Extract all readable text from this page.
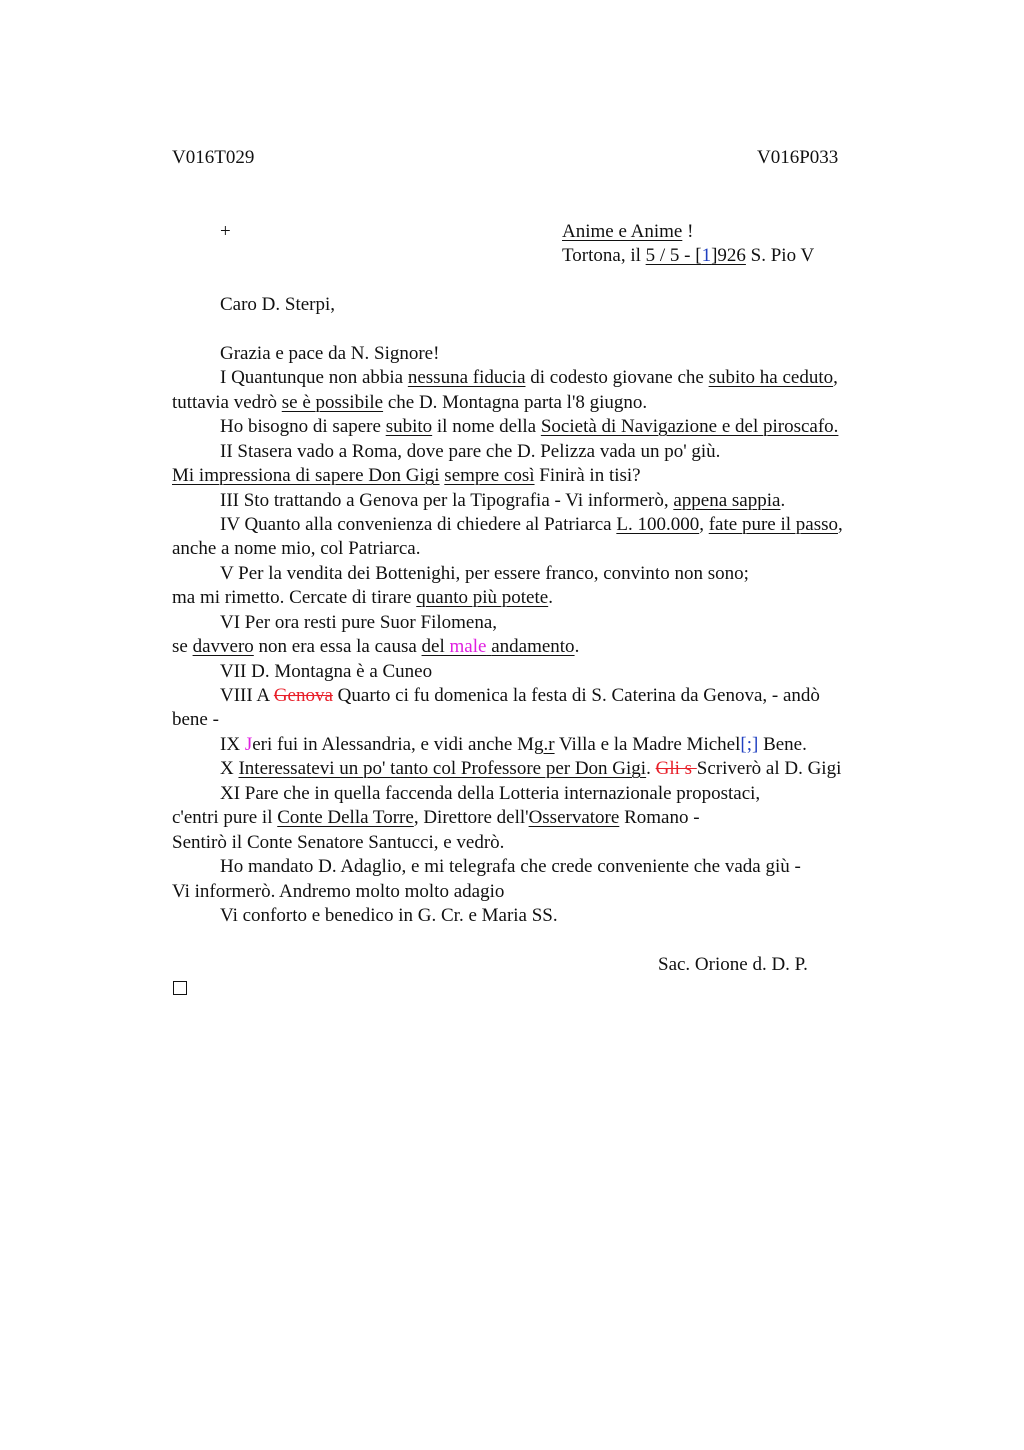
V016T029	V016P033
+	Anime e Anime !
Tortona, il 5 / 5 - [1]926 S. Pio V
Caro D. Sterpi,
Grazia e pace da N. Signore!
I Quantunque non abbia nessuna fiducia di codesto giovane che subito ha ceduto,
tuttavia vedrò se è possibile che D. Montagna parta l'8 giugno.
Ho bisogno di sapere subito il nome della Società di Navigazione e del piroscafo.
II Stasera vado a Roma, dove pare che D. Pelizza vada un po' giù.
Mi impressiona di sapere Don Gigi sempre così Finirà in tisi?
III Sto trattando a Genova per la Tipografia - Vi informerò, appena sappia.
IV Quanto alla convenienza di chiedere al Patriarca L. 100.000, fate pure il passo,
anche a nome mio, col Patriarca.
V Per la vendita dei Bottenighi, per essere franco, convinto non sono;
ma mi rimetto. Cercate di tirare quanto più potete.
VI Per ora resti pure Suor Filomena,
se davvero non era essa la causa del male andamento.
VII D. Montagna è a Cuneo
VIII A Genova Quarto ci fu domenica la festa di S. Caterina da Genova, - andò
bene -
IX Jeri fui in Alessandria, e vidi anche Mg.r Villa e la Madre Michel[;] Bene.
X Interessatevi un po' tanto col Professore per Don Gigi. Gli s Scriverò al D. Gigi
XI Pare che in quella faccenda della Lotteria internazionale propostaci,
c'entri pure il Conte Della Torre, Direttore dell'Osservatore Romano -
Sentirò il Conte Senatore Santucci, e vedrò.
Ho mandato D. Adaglio, e mi telegrafa che crede conveniente che vada giù -
Vi informerò. Andremo molto molto adagio
Vi conforto e benedico in G. Cr. e Maria SS.
Sac. Orione d. D. P.
